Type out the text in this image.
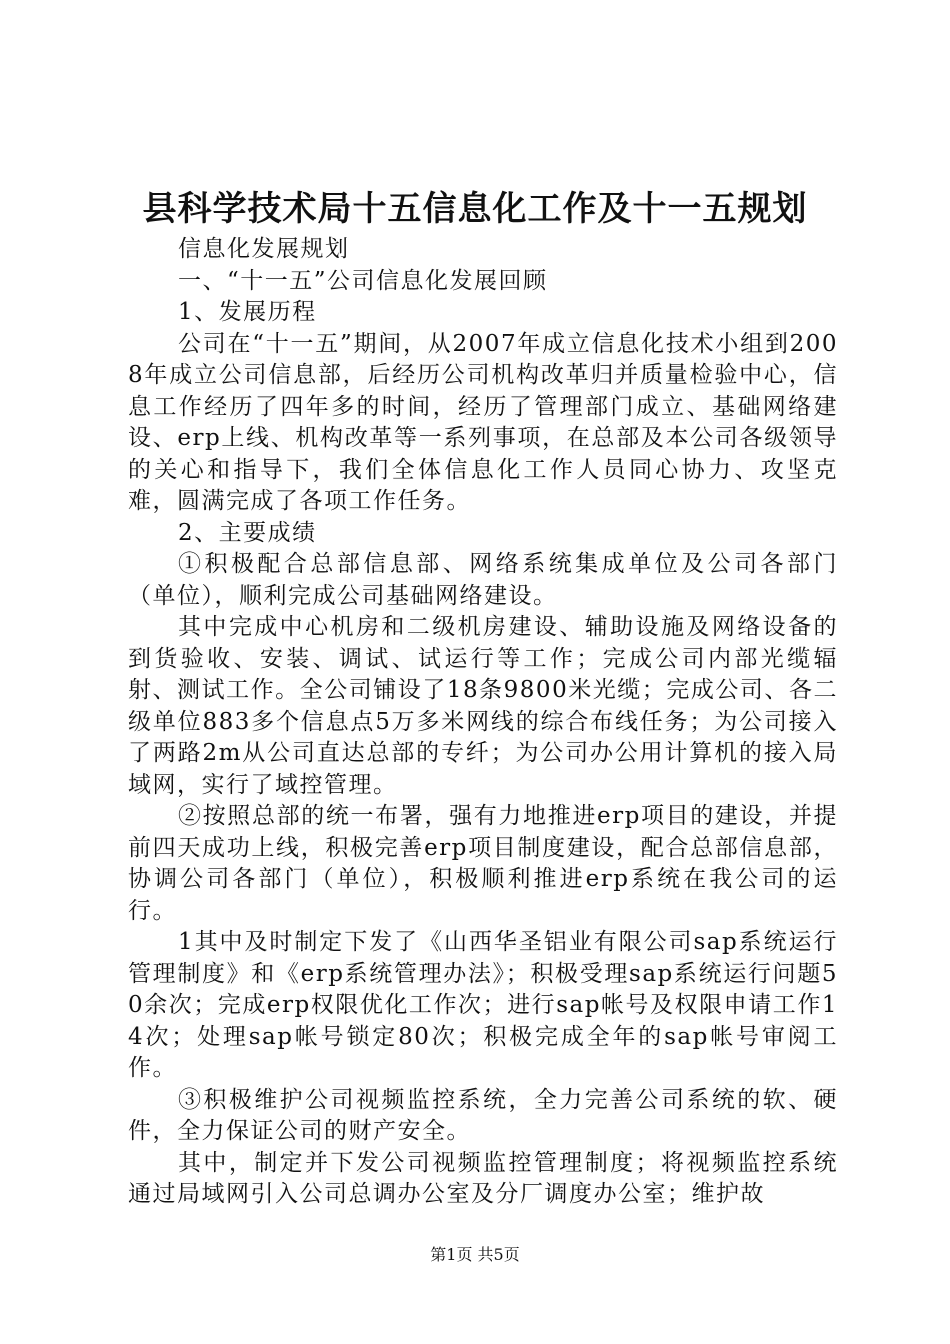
县科学技术局十五信息化工作及十一五规划

信息化发展规划

一、“十一五”公司信息化发展回顾

1、发展历程

公司在“十一五”期间，从2007年成立信息化技术小组到2008年成立公司信息部，后经历公司机构改革归并质量检验中心，信息工作经历了四年多的时间，经历了管理部门成立、基础网络建设、erp上线、机构改革等一系列事项，在总部及本公司各级领导的关心和指导下，我们全体信息化工作人员同心协力、攻坚克难，圆满完成了各项工作任务。

2、主要成绩

①积极配合总部信息部、网络系统集成单位及公司各部门（单位），顺利完成公司基础网络建设。

其中完成中心机房和二级机房建设、辅助设施及网络设备的到货验收、安装、调试、试运行等工作；完成公司内部光缆辐射、测试工作。全公司铺设了18条9800米光缆；完成公司、各二级单位883多个信息点5万多米网线的综合布线任务；为公司接入了两路2m从公司直达总部的专纤；为公司办公用计算机的接入局域网，实行了域控管理。

②按照总部的统一布署，强有力地推进erp项目的建设，并提前四天成功上线，积极完善erp项目制度建设，配合总部信息部，协调公司各部门（单位），积极顺利推进erp系统在我公司的运行。

1其中及时制定下发了《山西华圣铝业有限公司sap系统运行管理制度》和《erp系统管理办法》；积极受理sap系统运行问题50余次；完成erp权限优化工作次；进行sap帐号及权限申请工作14次；处理sap帐号锁定80次；积极完成全年的sap帐号审阅工作。

③积极维护公司视频监控系统，全力完善公司系统的软、硬件，全力保证公司的财产安全。

其中，制定并下发公司视频监控管理制度；将视频监控系统通过局域网引入公司总调办公室及分厂调度办公室；维护故

第1页 共5页
